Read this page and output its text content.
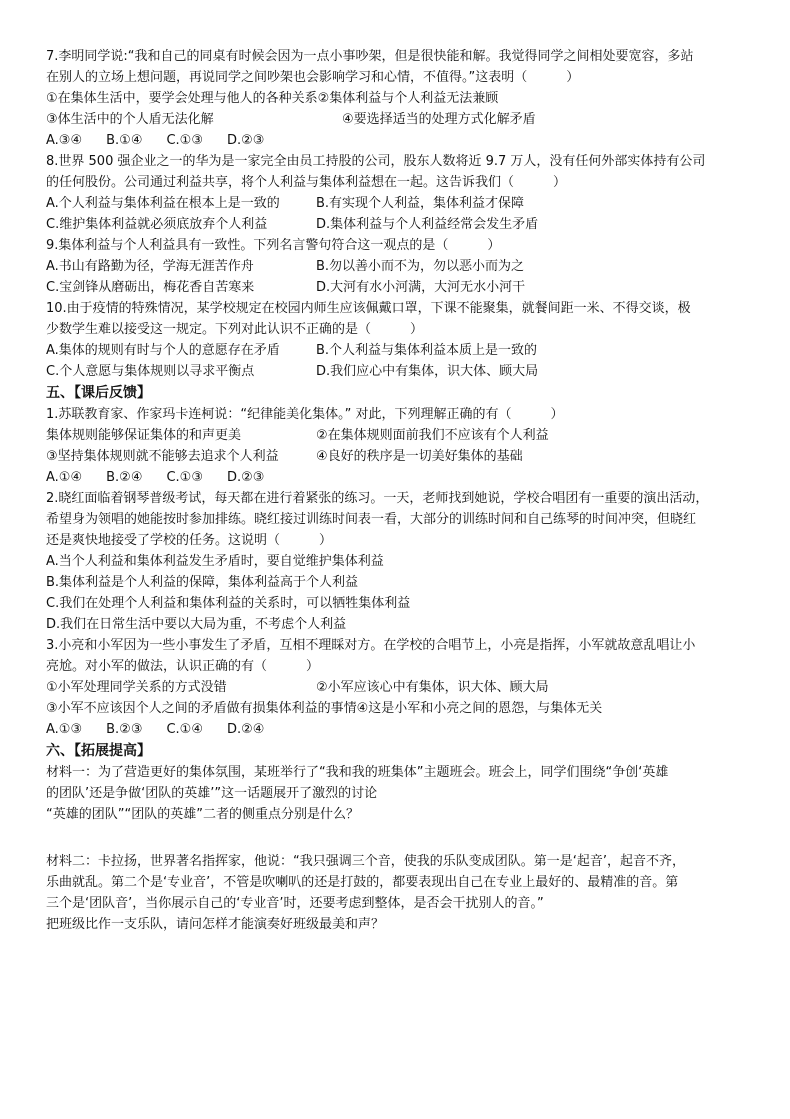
7.李明同学说:“我和自己的同桌有时候会因为一点小事吵架，但是很快能和解。我觉得同学之间相处要宽容，多站
在别人的立场上想问题，再说同学之间吵架也会影响学习和心情，不值得。”这表明（　　　）
①在集体生活中，要学会处理与他人的各种关系②集体利益与个人利益无法兼顾
③体生活中的个人盾无法化解	④要选择适当的处理方式化解矛盾
A.③④ B.①④ C.①③ D.②③
8.世界 500 强企业之一的华为是一家完全由员工持股的公司，股东人数将近 9.7 万人，没有任何外部实体持有公司
的任何股份。公司通过利益共享，将个人利益与集体利益想在一起。这告诉我们（　　　）
A.个人利益与集体利益在根本上是一致的	B.有实现个人利益，集体利益才保障
C.维护集体利益就必须底放弃个人利益	D.集体利益与个人利益经常会发生矛盾
9.集体利益与个人利益具有一致性。下列名言警句符合这一观点的是（　　　）
A.书山有路勤为径，学海无涯苦作舟	B.勿以善小而不为，勿以恶小而为之
C.宝剑锋从磨砺出，梅花香自苦寒来	D.大河有水小河满，大河无水小河干
10.由于疫情的特殊情况，某学校规定在校园内师生应该佩戴口罩，下课不能聚集，就餐间距一米、不得交谈，极
少数学生难以接受这一规定。下列对此认识不正确的是（　　　）
A.集体的规则有时与个人的意愿存在矛盾	B.个人利益与集体利益本质上是一致的
C.个人意愿与集体规则以寻求平衡点	D.我们应心中有集体，识大体、顾大局
五、【课后反馈】
1.苏联教育家、作家玛卡连柯说：“纪律能美化集体。” 对此，下列理解正确的有（　　　）
集体规则能够保证集体的和声更美	②在集体规则面前我们不应该有个人利益
③坚持集体规则就不能够去追求个人利益	④良好的秩序是一切美好集体的基础
A.①④ B.②④ C.①③ D.②③
2.晓红面临着钢琴普级考试，每天都在进行着紧张的练习。一天，老师找到她说，学校合唱团有一重要的演出活动，
希望身为领唱的她能按时参加排练。晓红接过训练时间表一看，大部分的训练时间和自己练琴的时间冲突，但晓红
还是爽快地接受了学校的任务。这说明（　　　）
A.当个人利益和集体利益发生矛盾时，要自觉维护集体利益
B.集体利益是个人利益的保障，集体利益高于个人利益
C.我们在处理个人利益和集体利益的关系时，可以牺牲集体利益
D.我们在日常生活中要以大局为重，不考虑个人利益
3.小亮和小军因为一些小事发生了矛盾，互相不理睬对方。在学校的合唱节上，小亮是指挥，小军就故意乱唱让小
亮尬。对小军的做法，认识正确的有（　　　）
①小军处理同学关系的方式没错	②小军应该心中有集体，识大体、顾大局
③小军不应该因个人之间的矛盾做有损集体利益的事情④这是小军和小亮之间的恩怨，与集体无关
A.①③ B.②③ C.①④ D.②④
六、【拓展提高】
材料一：为了营造更好的集体氛围，某班举行了“我和我的班集体”主题班会。班会上，同学们围绕“争创‘英雄
的团队’还是争做‘团队的英雄’”这一话题展开了激烈的讨论
“英雄的团队”“团队的英雄”二者的侧重点分别是什么？
材料二：卡拉扬，世界著名指挥家，他说：“我只强调三个音，使我的乐队变成团队。第一是‘起音’，起音不齐，
乐曲就乱。第二个是‘专业音’，不管是吹喇叭的还是打鼓的，都要表现出自己在专业上最好的、最精准的音。第
三个是‘团队音’，当你展示自己的‘专业音’时，还要考虑到整体，是否会干扰别人的音。”
把班级比作一支乐队，请问怎样才能演奏好班级最美和声？
